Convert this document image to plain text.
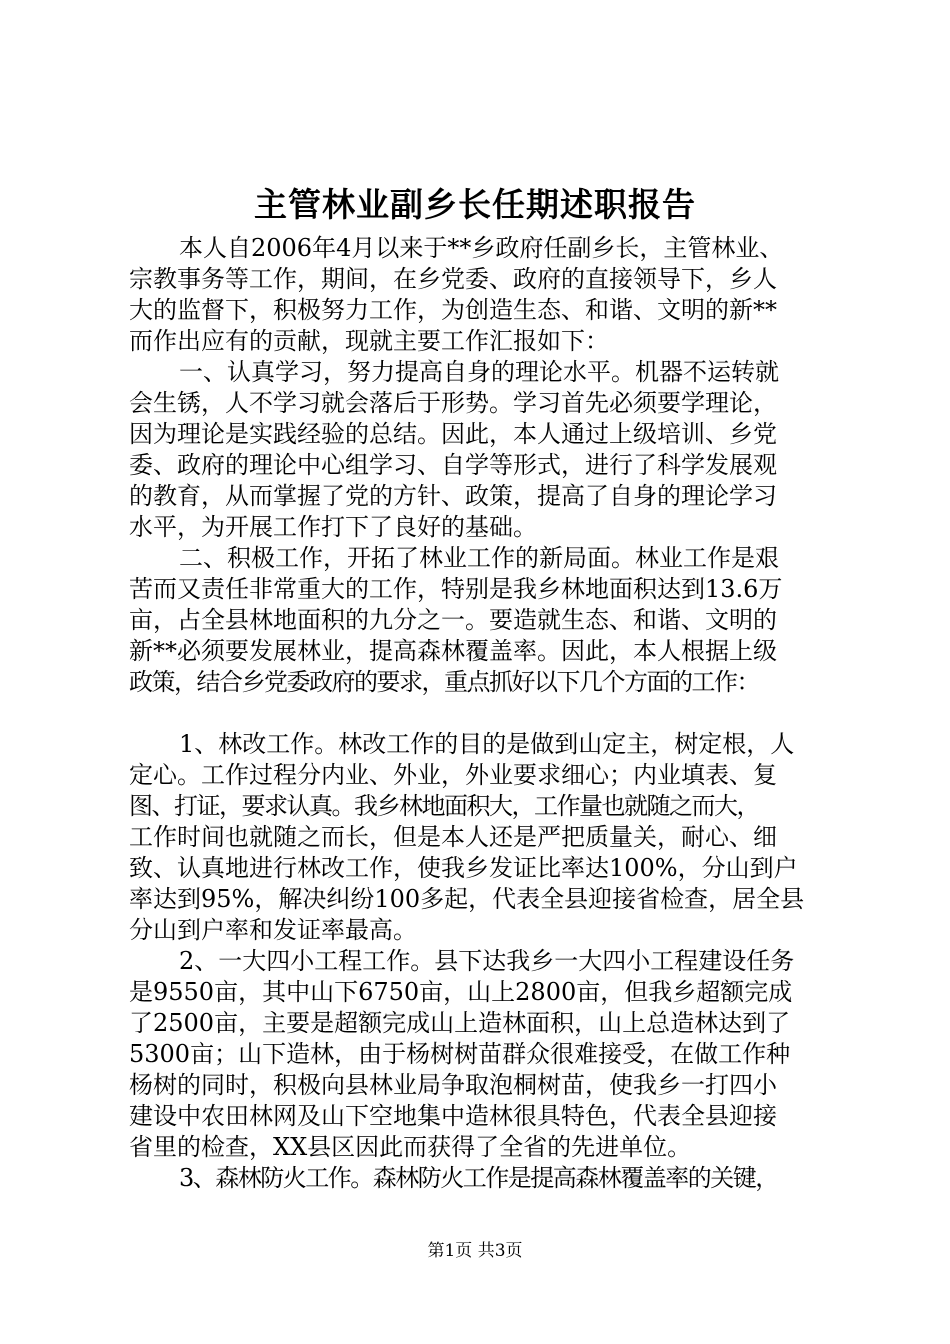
主管林业副乡长任期述职报告
本人自2006年4月以来于**乡政府任副乡长，主管林业、
宗教事务等工作，期间，在乡党委、政府的直接领导下，乡人
大的监督下，积极努力工作，为创造生态、和谐、文明的新**
而作出应有的贡献，现就主要工作汇报如下：
一、认真学习，努力提高自身的理论水平。机器不运转就
会生锈，人不学习就会落后于形势。学习首先必须要学理论，
因为理论是实践经验的总结。因此，本人通过上级培训、乡党
委、政府的理论中心组学习、自学等形式，进行了科学发展观
的教育，从而掌握了党的方针、政策，提高了自身的理论学习
水平，为开展工作打下了良好的基础。
二、积极工作，开拓了林业工作的新局面。林业工作是艰
苦而又责任非常重大的工作，特别是我乡林地面积达到13.6万
亩，占全县林地面积的九分之一。要造就生态、和谐、文明的
新**必须要发展林业，提高森林覆盖率。因此，本人根据上级
政策，结合乡党委政府的要求，重点抓好以下几个方面的工作：
1、林改工作。林改工作的目的是做到山定主，树定根，人
定心。工作过程分内业、外业，外业要求细心；内业填表、复
图、打证，要求认真。我乡林地面积大，工作量也就随之而大，
工作时间也就随之而长，但是本人还是严把质量关，耐心、细
致、认真地进行林改工作，使我乡发证比率达100%，分山到户
率达到95%，解决纠纷100多起，代表全县迎接省检查，居全县
分山到户率和发证率最高。
2、一大四小工程工作。县下达我乡一大四小工程建设任务
是9550亩，其中山下6750亩，山上2800亩，但我乡超额完成
了2500亩，主要是超额完成山上造林面积，山上总造林达到了
5300亩；山下造林，由于杨树树苗群众很难接受，在做工作种
杨树的同时，积极向县林业局争取泡桐树苗，使我乡一打四小
建设中农田林网及山下空地集中造林很具特色，代表全县迎接
省里的检查，XX县区因此而获得了全省的先进单位。
3、森林防火工作。森林防火工作是提高森林覆盖率的关键，
第1页 共3页
